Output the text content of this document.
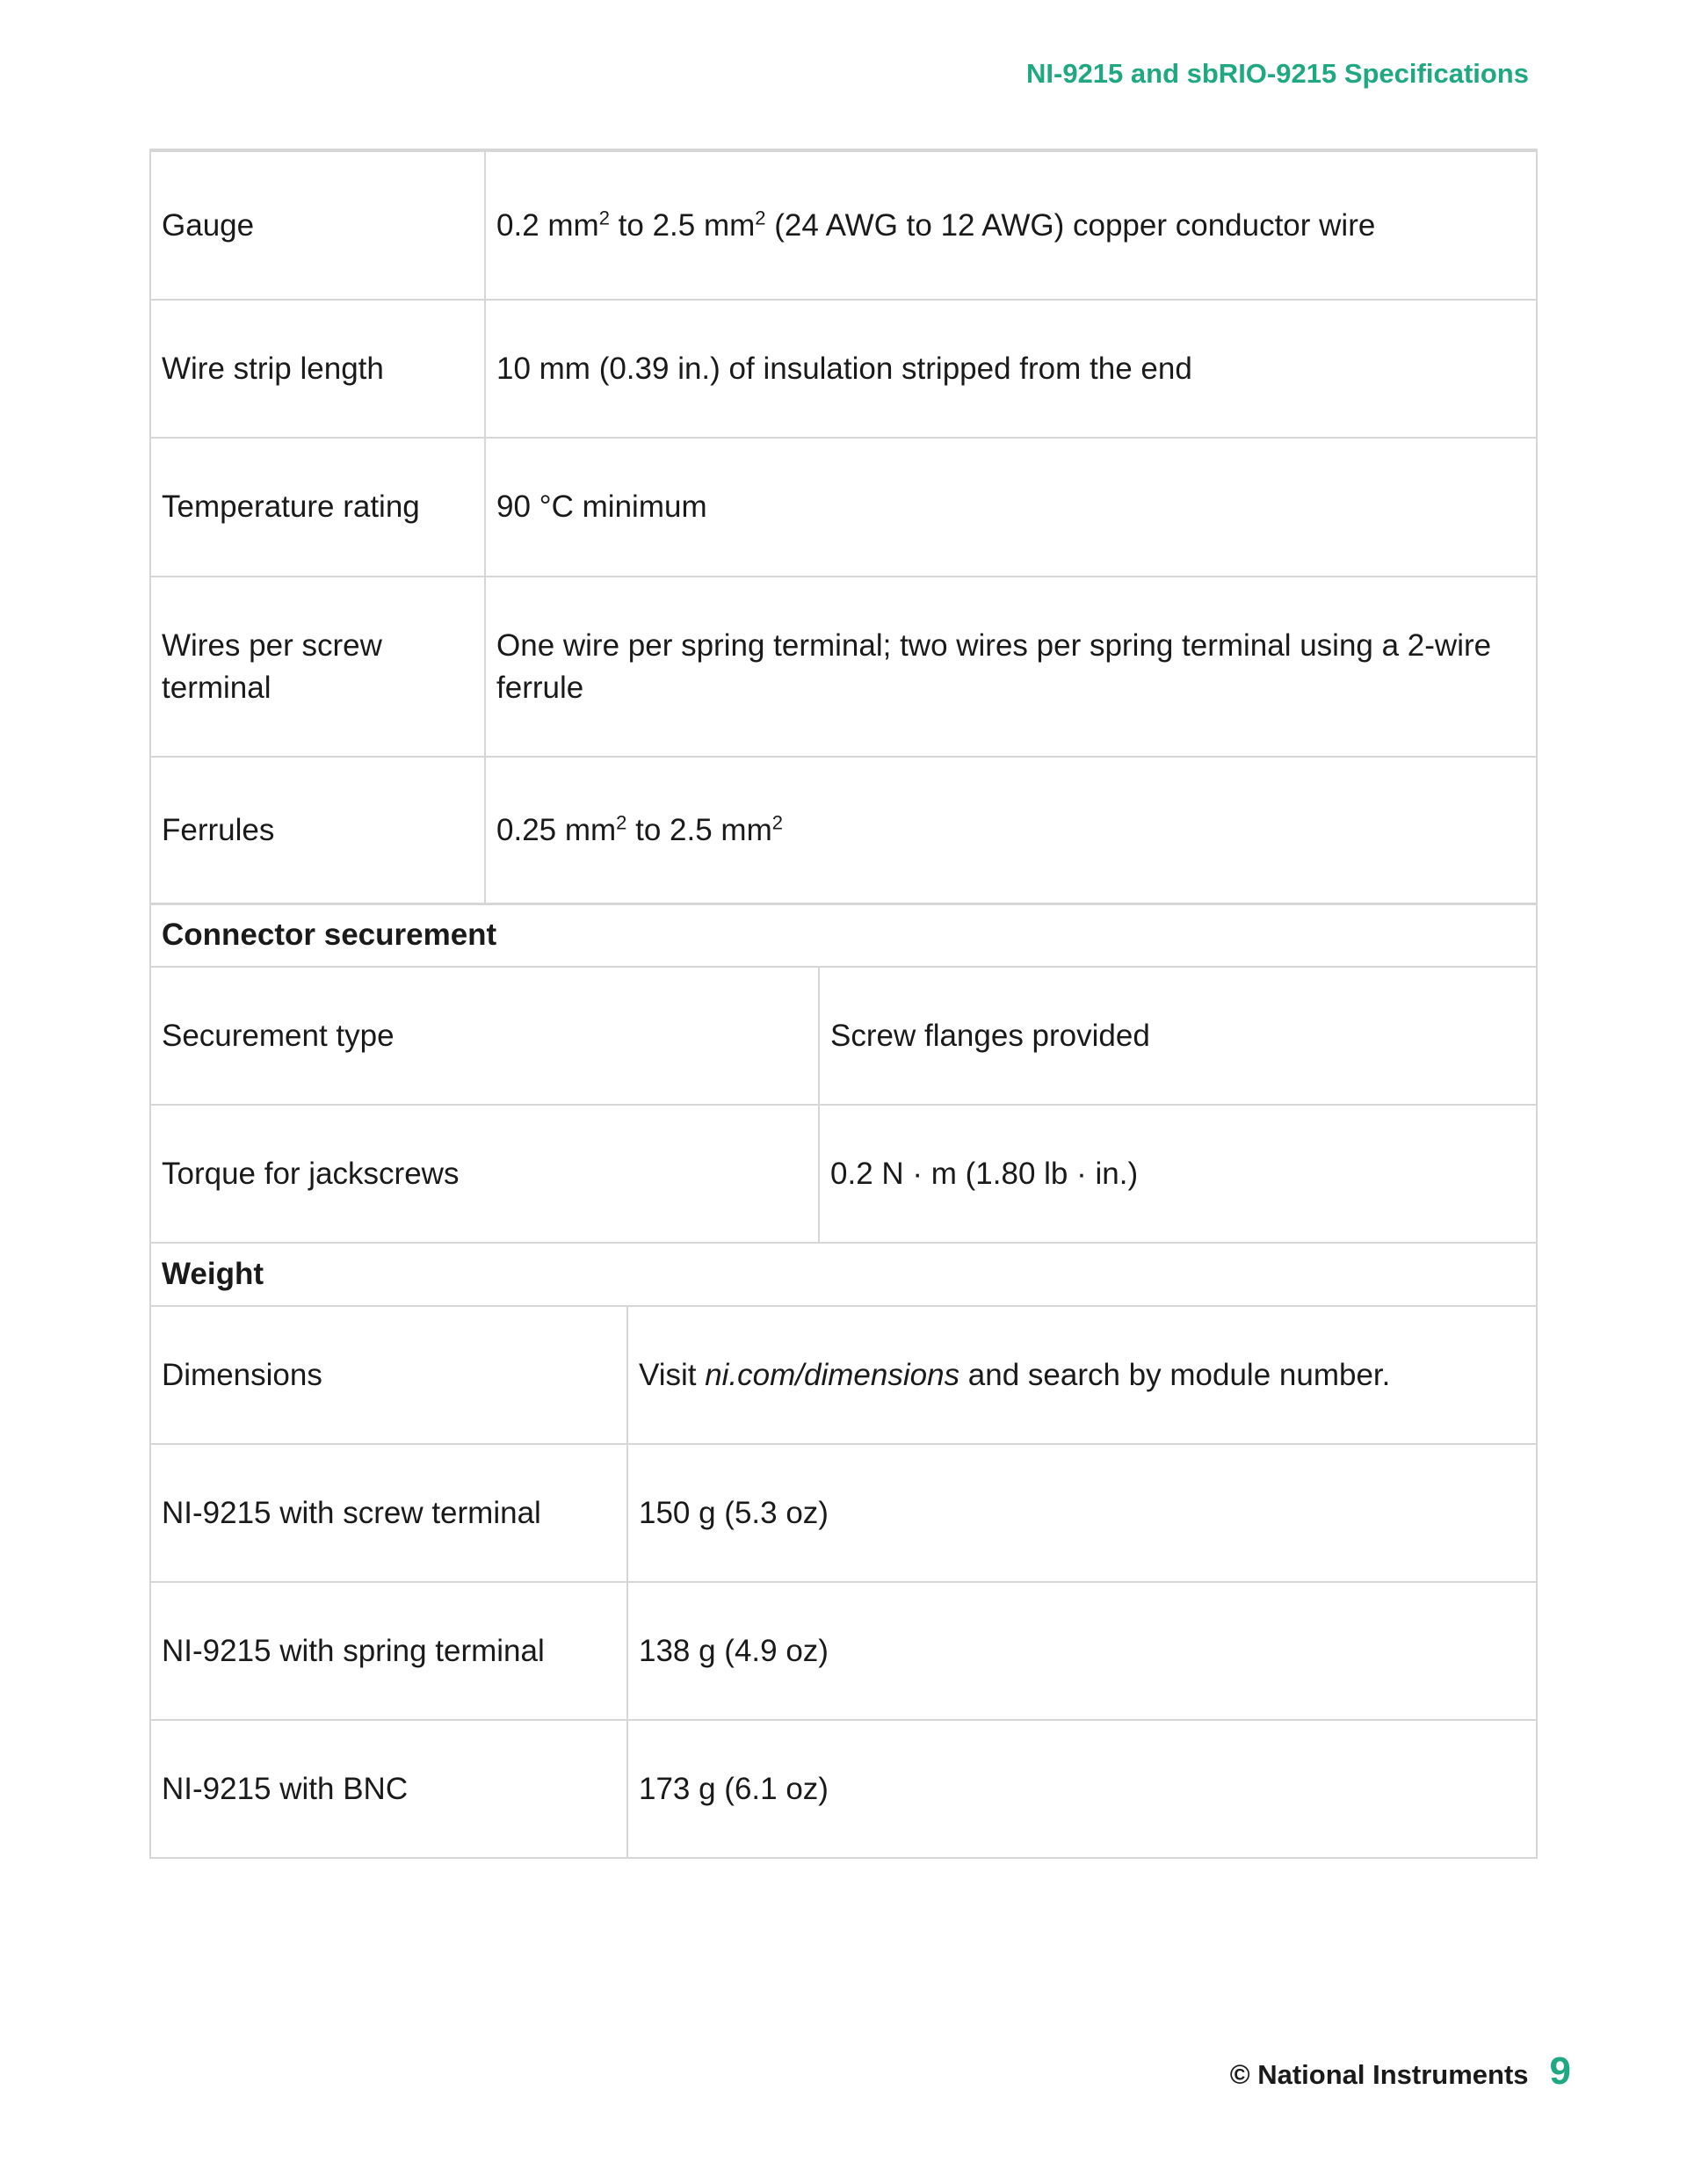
NI-9215 and sbRIO-9215 Specifications
Gauge	0.2 $mm^2$ to 2.5 $mm^2$ (24 AWG to 12 AWG) copper conductor wire
Wire strip length	10 mm (0.39 in.) of insulation stripped from the end
Temperature rating	90 °C minimum
Wires per screw terminal	One wire per spring terminal; two wires per spring terminal using a 2-wire ferrule
Ferrules	0.25 $mm^2$ to 2.5 $mm^2$
Connector securement	
Securement type	Screw flanges provided
Torque for jackscrews	0.2 N · m (1.80 lb · in.)
Weight	
Dimensions	Visit ni.com/dimensions and search by module number.
NI-9215 with screw terminal	150 g (5.3 oz)
NI-9215 with spring terminal	138 g (4.9 oz)
NI-9215 with BNC	173 g (6.1 oz)
© National Instruments 9
